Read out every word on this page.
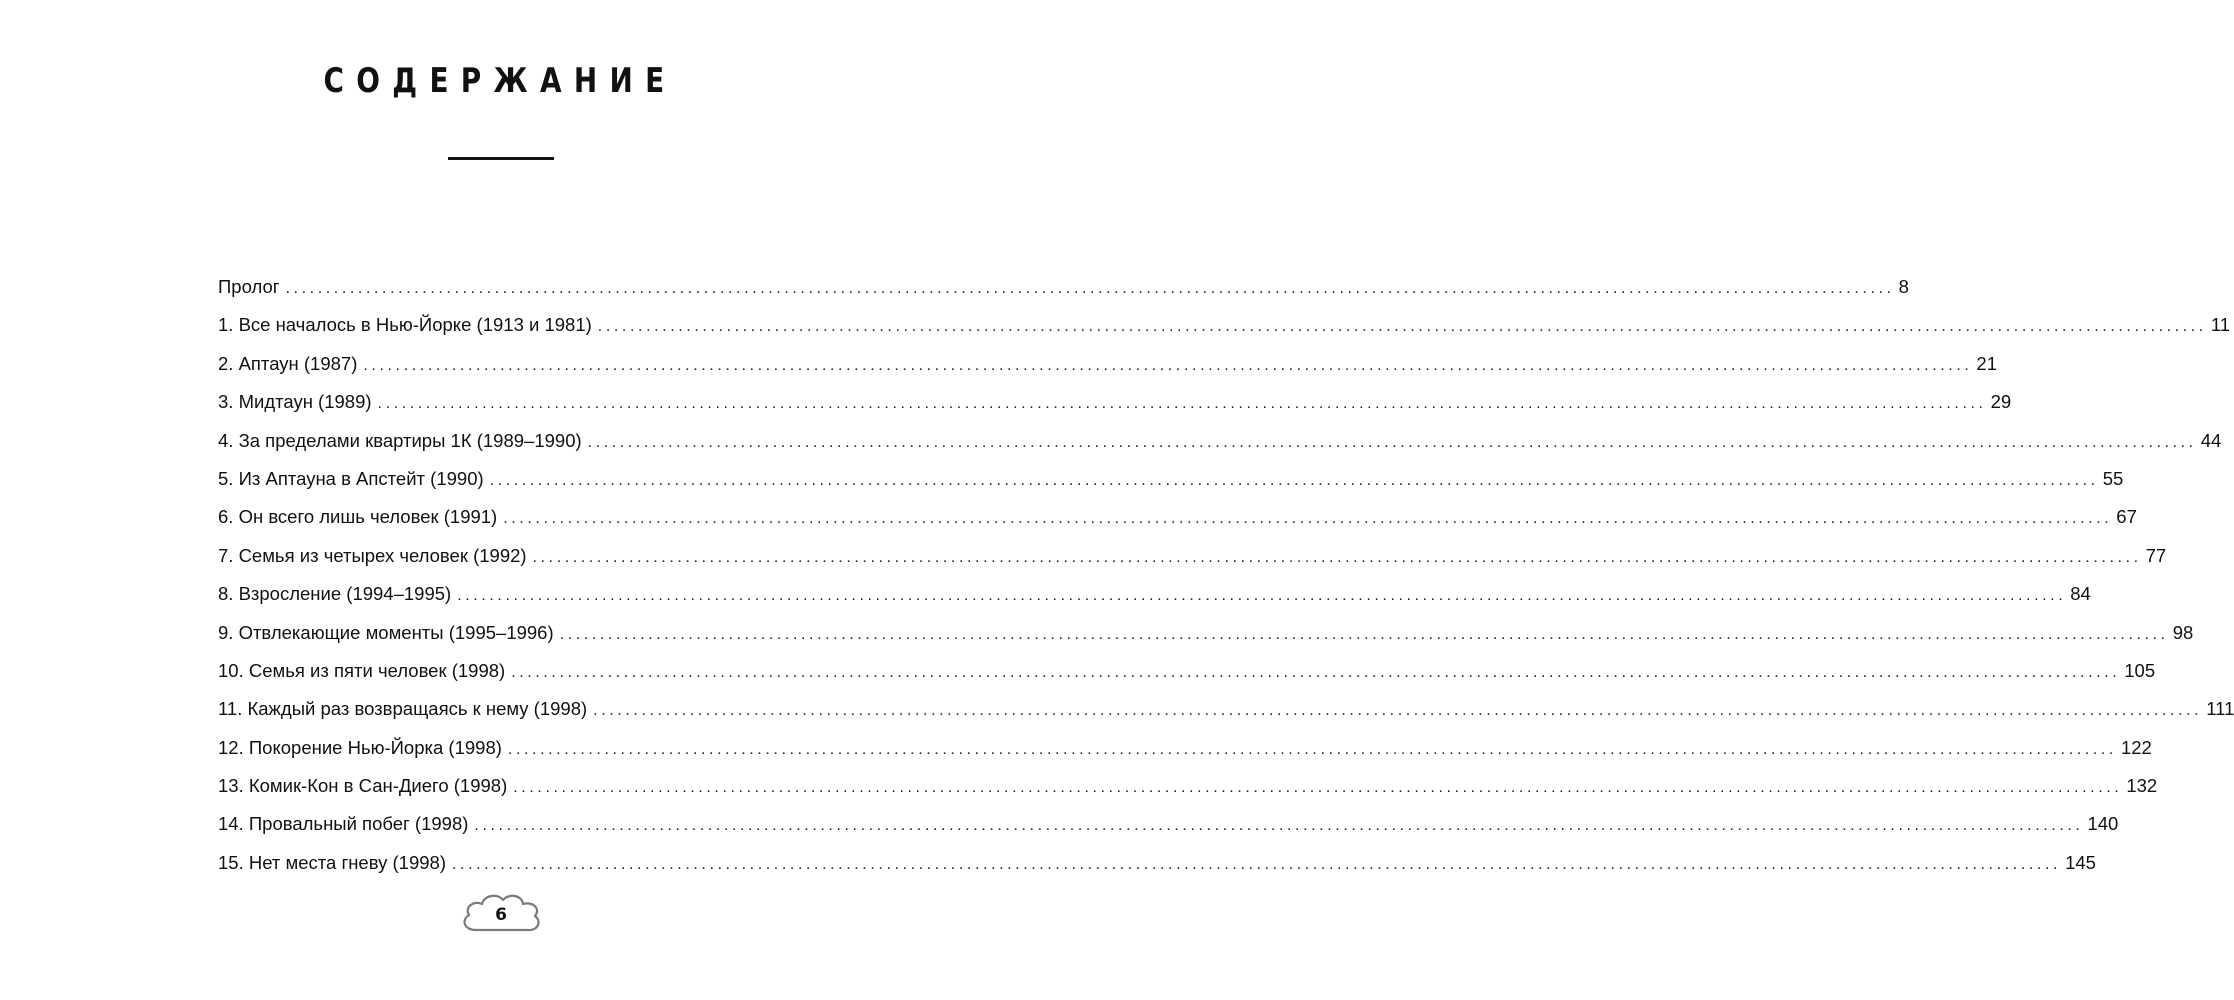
СОДЕРЖАНИЕ
Пролог ........................................................................................................................................................................................................ 8
1. Все началось в Нью-Йорке (1913 и 1981) ........................................................................................................................................................................................................ 11
2. Аптаун (1987) ........................................................................................................................................................................................................ 21
3. Мидтаун (1989) ........................................................................................................................................................................................................ 29
4. За пределами квартиры 1К (1989–1990) ........................................................................................................................................................................................................ 44
5. Из Аптауна в Апстейт (1990) ........................................................................................................................................................................................................ 55
6. Он всего лишь человек (1991) ........................................................................................................................................................................................................ 67
7. Семья из четырех человек (1992) ........................................................................................................................................................................................................ 77
8. Взросление (1994–1995) ........................................................................................................................................................................................................ 84
9. Отвлекающие моменты (1995–1996) ........................................................................................................................................................................................................ 98
10. Семья из пяти человек (1998) ........................................................................................................................................................................................................ 105
11. Каждый раз возвращаясь к нему (1998) ........................................................................................................................................................................................................ 111
12. Покорение Нью-Йорка (1998) ........................................................................................................................................................................................................ 122
13. Комик-Кон в Сан-Диего (1998) ........................................................................................................................................................................................................ 132
14. Провальный побег (1998) ........................................................................................................................................................................................................ 140
15. Нет места гневу (1998) ........................................................................................................................................................................................................ 145
6
